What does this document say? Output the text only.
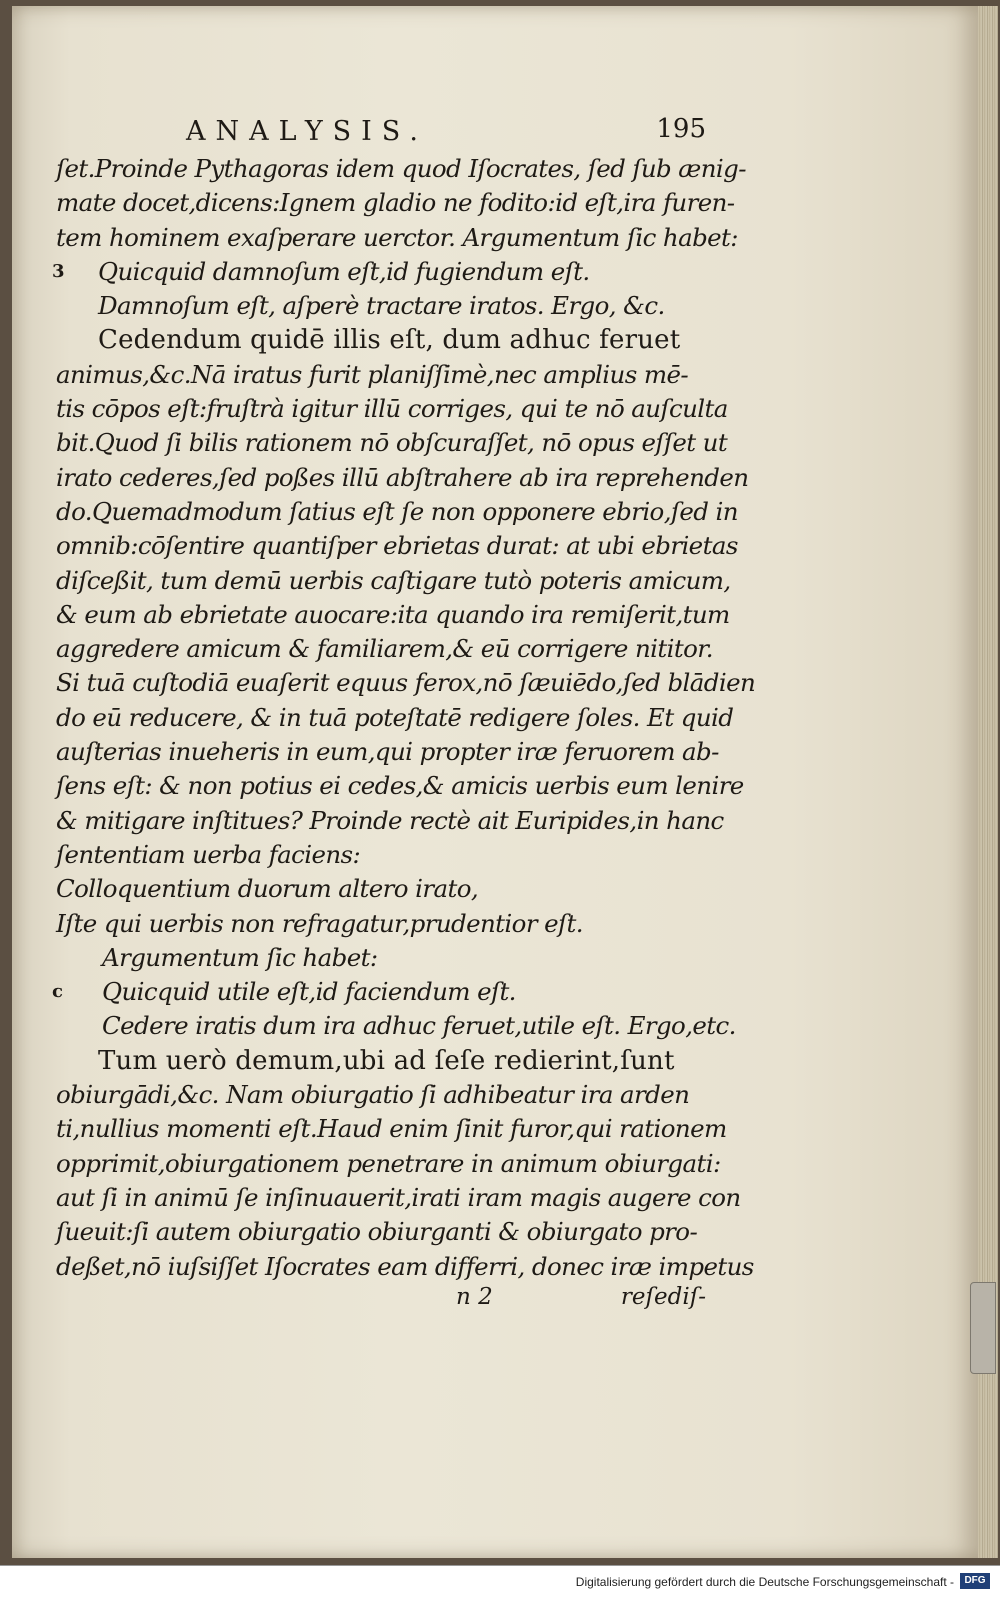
ANALYSIS.	195
ſet.Proinde Pythagoras idem quod Iſocrates, ſed ſub ænig-
mate docet,dicens:Ignem gladio ne fodito:id eſt,ira furen-
tem hominem exaſperare uerctor. Argumentum ſic habet:
3 Quicquid damnoſum eſt,id fugiendum eſt.
Damnoſum eſt, aſperè tractare iratos. Ergo, &c.
Cedendum quidē illis eſt, dum adhuc feruet
animus,&c.Nā iratus furit planiſſimè,nec amplius mē-
tis cōpos eſt:fruſtrà igitur illū corriges, qui te nō auſculta
bit.Quod ſi bilis rationem nō obſcuraſſet, nō opus eſſet ut
irato cederes,ſed poßes illū abſtrahere ab ira reprehenden
do.Quemadmodum ſatius eſt ſe non opponere ebrio,ſed in
omnib:cōſentire quantiſper ebrietas durat: at ubi ebrietas
diſceßit, tum demū uerbis caſtigare tutò poteris amicum,
& eum ab ebrietate auocare:ita quando ira remiſerit,tum
aggredere amicum & familiarem,& eū corrigere nititor.
Si tuā cuſtodiā euaſerit equus ferox,nō ſæuiēdo,ſed blādien
do eū reducere, & in tuā poteſtatē redigere ſoles. Et quid
auſterias inueheris in eum,qui propter iræ feruorem ab-
ſens eſt: & non potius ei cedes,& amicis uerbis eum lenire
& mitigare inſtitues? Proinde rectè ait Euripides,in hanc
ſententiam uerba faciens:
Colloquentium duorum altero irato,
Iſte qui uerbis non refragatur,prudentior eſt.
Argumentum ſic habet:
c Quicquid utile eſt,id faciendum eſt.
Cedere iratis dum ira adhuc feruet,utile eſt. Ergo,etc.
Tum uerò demum,ubi ad ſeſe redierint,ſunt
obiurgādi,&c. Nam obiurgatio ſi adhibeatur ira arden
ti,nullius momenti eſt.Haud enim ſinit furor,qui rationem
opprimit,obiurgationem penetrare in animum obiurgati:
aut ſi in animū ſe inſinuauerit,irati iram magis augere con
ſueuit:ſi autem obiurgatio obiurganti & obiurgato pro-
deßet,nō iuſsiſſet Iſocrates eam differri, donec iræ impetus
n 2	reſediſ-
Digitalisierung gefördert durch die Deutsche Forschungsgemeinschaft -	DFG
